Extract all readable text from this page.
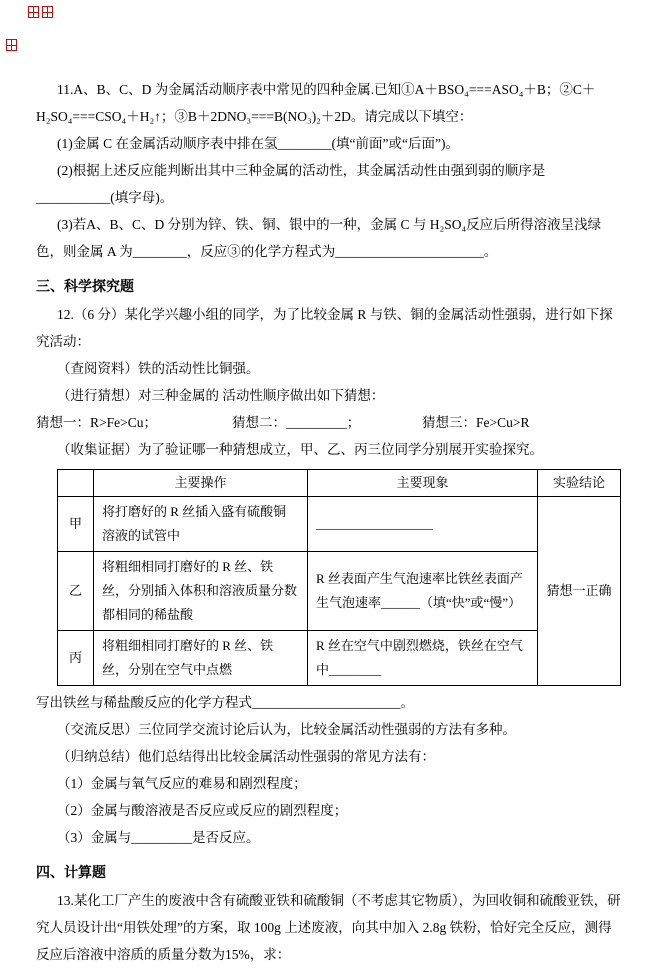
11.A、B、C、D 为金属活动顺序表中常见的四种金属.已知①A＋BSO₄===ASO₄＋B；②C＋H₂SO₄===CSO₄＋H₂↑；③B＋2DNO₃===B(NO₃)₂＋2D。请完成以下填空：

(1)金属 C 在金属活动顺序表中排在氢________(填“前面”或“后面”)。

(2)根据上述反应能判断出其中三种金属的活动性，其金属活动性由强到弱的顺序是___________(填字母)。

(3)若A、B、C、D 分别为锌、铁、铜、银中的一种，金属 C 与 H₂SO₄反应后所得溶液呈浅绿色，则金属 A 为________，反应③的化学方程式为______________________。

三、科学探究题

12.（6 分）某化学兴趣小组的同学，为了比较金属 R 与铁、铜的金属活动性强弱，进行如下探究活动：

（查阅资料）铁的活动性比铜强。

（进行猜想）对三种金属的 活动性顺序做出如下猜想：

猜想一：R>Fe>Cu；	猜想二：_________；	猜想三：Fe>Cu>R

（收集证据）为了验证哪一种猜想成立，甲、乙、丙三位同学分别展开实验探究。

	主要操作	主要现象	实验结论
甲	将打磨好的 R 丝插入盛有硫酸铜溶液的试管中	__________________	猜想一正确
乙	将粗细相同打磨好的 R 丝、铁丝，分别插入体积和溶液质量分数都相同的稀盐酸	R 丝表面产生气泡速率比铁丝表面产生气泡速率______（填“快”或“慢”）	
丙	将粗细相同打磨好的 R 丝、铁丝，分别在空气中点燃	R 丝在空气中剧烈燃烧，铁丝在空气中________	

写出铁丝与稀盐酸反应的化学方程式______________________。

（交流反思）三位同学交流讨论后认为，比较金属活动性强弱的方法有多种。

（归纳总结）他们总结得出比较金属活动性强弱的常见方法有：

（1）金属与氧气反应的难易和剧烈程度；

（2）金属与酸溶液是否反应或反应的剧烈程度；

（3）金属与_________是否反应。

四、计算题

13.某化工厂产生的废液中含有硫酸亚铁和硫酸铜（不考虑其它物质），为回收铜和硫酸亚铁，研究人员设计出“用铁处理”的方案，取 100g 上述废液，向其中加入 2.8g 铁粉，恰好完全反应，测得反应后溶液中溶质的质量分数为15%，求：
